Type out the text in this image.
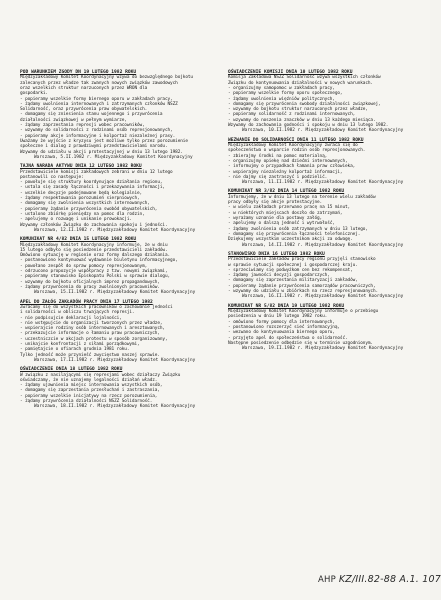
POD WARUNKIEM ZGODY DN 19 LUTEGO 1982 ROKU
Międzyzakładowy Komitet Koordynacyjny wzywa do bezwzględnego bojkotu
zalecanych przez władze tak zwanych nowych związków zawodowych
oraz wszelkich struktur narzuconych przez WRON dla
gospodarki.
- popieramy wszelkie formy biernego oporu w zakładach pracy,
- żądamy uwolnienia internowanych i zatrzymanych członków NSZZ
Solidarność, oraz przywrócenia praw obywatelskich.
- domagamy się zniesienia stanu wojennego i przywrócenia
działalności związkowej w pełnym wymiarze,
- żądamy zaprzestania represji wobec pracowników,
- wzywamy do solidarności z rodzinami osób represjonowanych,
- popieramy akcje informacyjne i kolportaż niezależnej prasy.
Uważamy że wyjście z kryzysu jest możliwe tylko przez porozumienie
społeczne i dialog z prawdziwymi przedstawicielami narodu.
Wzywamy do udziału w akcji protestacyjnej w dniu 13 lutego 1982.
Warszawa, 5.II.1982 r. Międzyzakładowy Komitet Koordynacyjny
TAJNA NARADA AKTYWU DNIA 12 LUTEGO 1982 ROKU
Przedstawiciele komisji zakładowych zebrani w dniu 12 lutego
postanowili co następuje:
- powołuje się struktury koordynujące działania regionu,
- ustala się zasady łączności i przekazywania informacji,
- wszelkie decyzje podejmowane będą kolegialnie,
- żądamy respektowania porozumień sierpniowych,
- domagamy się zwolnienia wszystkich internowanych,
- popieramy żądanie przywrócenia swobód obywatelskich,
- ustalono zbiórkę pieniędzy na pomoc dla rodzin,
- apelujemy o rozwagę i unikanie prowokacji.
Wzywamy członków Związku do zachowania spokoju i jedności.
Warszawa, 12.II.1982 r. Międzyzakładowy Komitet Koordynacyjny
KOMUNIKAT NR 4/82 DNIA 15 LUTEGO 1982 ROKU
Międzyzakładowy Komitet Koordynacyjny informuje, że w dniu
15 lutego odbyło się posiedzenie przedstawicieli zakładów.
Omówiono sytuację w regionie oraz formy dalszego działania.
- postanowiono kontynuować wydawanie biuletynu informacyjnego,
- powołano zespół do spraw pomocy represjonowanym,
- odrzucono propozycje współpracy z tzw. nowymi związkami,
- popieramy stanowisko Episkopatu Polski w sprawie dialogu,
- wzywamy do bojkotu oficjalnych imprez propagandowych,
- żądamy przywrócenia do pracy zwolnionych pracowników.
Warszawa, 15.II.1982 r. Międzyzakładowy Komitet Koordynacyjny
APEL DO ZAŁÓG ZAKŁADÓW PRACY DNIA 17 LUTEGO 1982
Zwracamy się do wszystkich pracowników o zachowanie jedności
i solidarności w obliczu trwających represji.
- nie podpisujcie deklaracji lojalności,
- nie wstępujcie do organizacji tworzonych przez władze,
- wspierajcie rodziny osób internowanych i aresztowanych,
- przekazujcie informacje o łamaniu praw pracowniczych,
- uczestniczcie w akcjach protestu w sposób zorganizowany,
- unikajcie konfrontacji z siłami porządkowymi,
- pamiętajcie o ofiarach grudnia 1981 roku.
Tylko jedność może przynieść zwycięstwo naszej sprawie.
Warszawa, 17.II.1982 r. Międzyzakładowy Komitet Koordynacyjny
OŚWIADCZENIE DNIA 18 LUTEGO 1982 ROKU
W związku z nasilającymi się represjami wobec działaczy Związku
oświadczamy, że nie uznajemy legalności działań władz.
- żądamy ujawnienia miejsc internowania wszystkich osób,
- domagamy się zaprzestania przesłuchań i zastraszania,
- popieramy wszelkie inicjatywy na rzecz porozumienia,
- żądamy przywrócenia działalności NSZZ Solidarność.
Warszawa, 18.II.1982 r. Międzyzakładowy Komitet Koordynacyjny
OŚWIADCZENIE KOMISJI DNIA 10 LUTEGO 1982 ROKU
Komisja Zakładowa NSZZ Solidarność wzywa wszystkich członków
Związku do kontynuowania działalności w nowych warunkach.
- organizujmy samopomoc w zakładach pracy,
- popieramy wszelkie formy oporu społecznego,
- żądamy uwolnienia więźniów politycznych,
- domagamy się przywrócenia swobody działalności związkowej,
- wzywamy do bojkotu struktur narzuconych przez władze,
- popieramy solidarność z rodzinami internowanych,
- wzywamy do noszenia znaczków w dniu 13 każdego miesiąca.
Wzywamy do zachowania godności i spokoju w dniu 13 lutego 1982.
Warszawa, 10.II.1982 r. Międzyzakładowy Komitet Koordynacyjny
WEZWANIE DO SOLIDARNOŚCI DNIA 11 LUTEGO 1982 ROKU
Międzyzakładowy Komitet Koordynacyjny zwraca się do
społeczeństwa o wsparcie rodzin osób represjonowanych.
- zbierajmy środki na pomoc materialną,
- organizujmy opiekę nad dziećmi internowanych,
- informujmy o przypadkach łamania praw człowieka,
- wspierajmy niezależny kolportaż informacji,
- nie dajmy się zastraszyć i podzielić.
Warszawa, 11.II.1982 r. Międzyzakładowy Komitet Koordynacyjny
KOMUNIKAT NR 3/82 DNIA 14 LUTEGO 1982 ROKU
Informujemy, że w dniu 13 lutego na terenie wielu zakładów
pracy odbyły się akcje protestacyjne.
- w wielu zakładach przerwano pracę na 15 minut,
- w niektórych miejscach doszło do zatrzymań,
- wyrażamy uznanie dla postawy załóg,
- apelujemy o dalszą jedność i wytrwałość,
- żądamy zwolnienia osób zatrzymanych w dniu 13 lutego,
- domagamy się przywrócenia łączności telefonicznej.
Dziękujemy wszystkim uczestnikom akcji za odwagę.
Warszawa, 14.II.1982 r. Międzyzakładowy Komitet Koordynacyjny
STANOWISKO DNIA 16 LUTEGO 1982 ROKU
Przedstawiciele zakładów pracy regionu przyjęli stanowisko
w sprawie sytuacji społecznej i gospodarczej kraju.
- sprzeciwiamy się podwyżkom cen bez rekompensat,
- żądamy jawności decyzji gospodarczych,
- domagamy się zaprzestania militaryzacji zakładów,
- popieramy żądanie przywrócenia samorządów pracowniczych,
- wzywamy do udziału w zbiórkach na rzecz represjonowanych.
Warszawa, 16.II.1982 r. Międzyzakładowy Komitet Koordynacyjny
KOMUNIKAT NR 5/82 DNIA 19 LUTEGO 1982 ROKU
Międzyzakładowy Komitet Koordynacyjny informuje o przebiegu
posiedzenia w dniu 19 lutego 1982 roku.
- omówiono formy pomocy dla internowanych,
- postanowiono rozszerzyć sieć informacyjną,
- wezwano do kontynuowania biernego oporu,
- przyjęto apel do społeczeństwa o solidarność.
Następne posiedzenie odbędzie się w terminie uzgodnionym.
Warszawa, 19.II.1982 r. Międzyzakładowy Komitet Koordynacyjny
AHP KZ/III.82-88 A.1. 107
